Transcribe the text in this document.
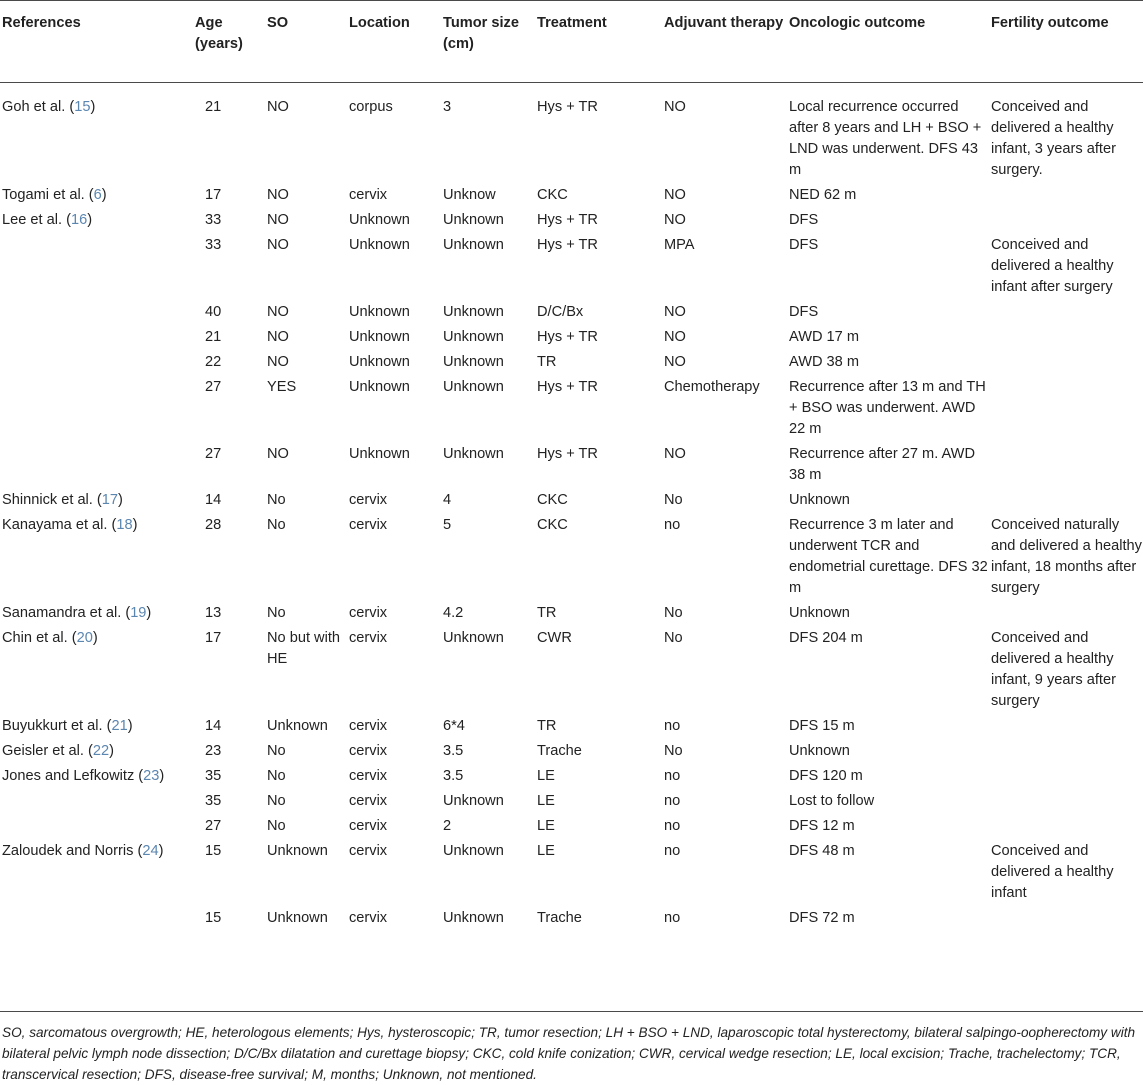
References	Age (years)	SO	Location	Tumor size (cm)	Treatment	Adjuvant therapy	Oncologic outcome	Fertility outcome
Goh et al. (15)	21	NO	corpus	3	Hys + TR	NO	Local recurrence occurred after 8 years and LH + BSO + LND was underwent. DFS 43 m	Conceived and delivered a healthy infant, 3 years after surgery.
Togami et al. (6)	17	NO	cervix	Unknow	CKC	NO	NED 62 m	
Lee et al. (16)	33	NO	Unknown	Unknown	Hys + TR	NO	DFS	
	33	NO	Unknown	Unknown	Hys + TR	MPA	DFS	Conceived and delivered a healthy infant after surgery
	40	NO	Unknown	Unknown	D/C/Bx	NO	DFS	
	21	NO	Unknown	Unknown	Hys + TR	NO	AWD 17 m	
	22	NO	Unknown	Unknown	TR	NO	AWD 38 m	
	27	YES	Unknown	Unknown	Hys + TR	Chemotherapy	Recurrence after 13 m and TH + BSO was underwent. AWD 22 m	
	27	NO	Unknown	Unknown	Hys + TR	NO	Recurrence after 27 m. AWD 38 m	
Shinnick et al. (17)	14	No	cervix	4	CKC	No	Unknown	
Kanayama et al. (18)	28	No	cervix	5	CKC	no	Recurrence 3 m later and underwent TCR and endometrial curettage. DFS 32 m	Conceived naturally and delivered a healthy infant, 18 months after surgery
Sanamandra et al. (19)	13	No	cervix	4.2	TR	No	Unknown	
Chin et al. (20)	17	No but with HE	cervix	Unknown	CWR	No	DFS 204 m	Conceived and delivered a healthy infant, 9 years after surgery
Buyukkurt et al. (21)	14	Unknown	cervix	6*4	TR	no	DFS 15 m	
Geisler et al. (22)	23	No	cervix	3.5	Trache	No	Unknown	
Jones and Lefkowitz (23)	35	No	cervix	3.5	LE	no	DFS 120 m	
	35	No	cervix	Unknown	LE	no	Lost to follow	
	27	No	cervix	2	LE	no	DFS 12 m	
Zaloudek and Norris (24)	15	Unknown	cervix	Unknown	LE	no	DFS 48 m	Conceived and delivered a healthy infant
	15	Unknown	cervix	Unknown	Trache	no	DFS 72 m	
SO, sarcomatous overgrowth; HE, heterologous elements; Hys, hysteroscopic; TR, tumor resection; LH + BSO + LND, laparoscopic total hysterectomy, bilateral salpingo-oopherectomy with bilateral pelvic lymph node dissection; D/C/Bx dilatation and curettage biopsy; CKC, cold knife conization; CWR, cervical wedge resection; LE, local excision; Trache, trachelectomy; TCR, transcervical resection; DFS, disease-free survival; M, months; Unknown, not mentioned.
